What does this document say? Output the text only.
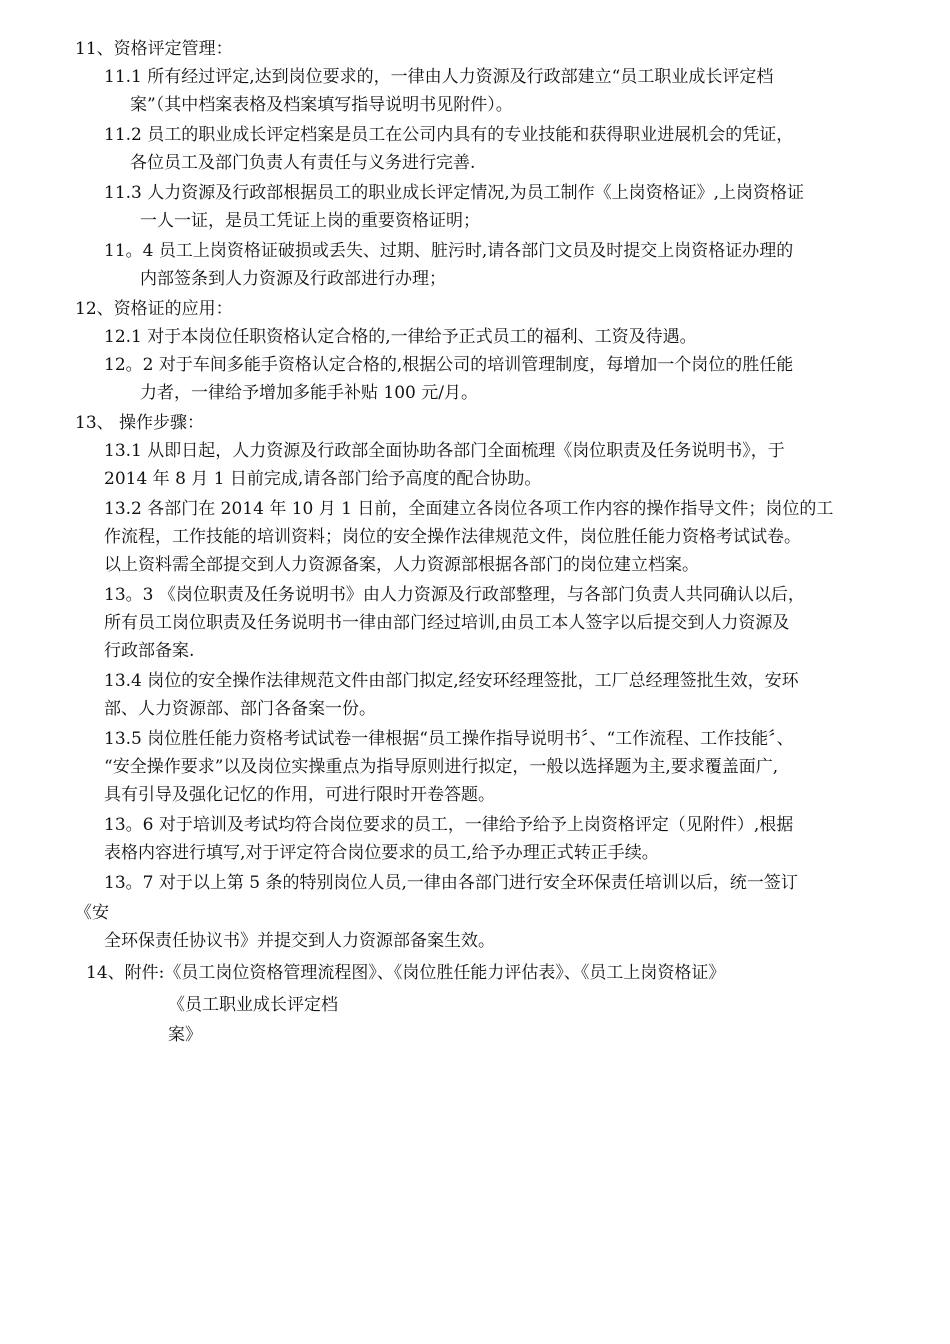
11、资格评定管理：
11.1 所有经过评定,达到岗位要求的，一律由人力资源及行政部建立“员工职业成长评定档
案”（其中档案表格及档案填写指导说明书见附件）。
11.2 员工的职业成长评定档案是员工在公司内具有的专业技能和获得职业进展机会的凭证，
各位员工及部门负责人有责任与义务进行完善.
11.3 人力资源及行政部根据员工的职业成长评定情况,为员工制作《上岗资格证》,上岗资格证
一人一证，是员工凭证上岗的重要资格证明；
11。4 员工上岗资格证破损或丢失、过期、脏污时,请各部门文员及时提交上岗资格证办理的
内部签条到人力资源及行政部进行办理；
12、资格证的应用：
12.1 对于本岗位任职资格认定合格的,一律给予正式员工的福利、工资及待遇。
12。2 对于车间多能手资格认定合格的,根据公司的培训管理制度，每增加一个岗位的胜任能
力者，一律给予增加多能手补贴 100 元/月。
13、 操作步骤：
13.1 从即日起，人力资源及行政部全面协助各部门全面梳理《岗位职责及任务说明书》，于
2014 年 8 月 1 日前完成,请各部门给予高度的配合协助。
13.2 各部门在 2014 年 10 月 1 日前，全面建立各岗位各项工作内容的操作指导文件；岗位的工
作流程，工作技能的培训资料；岗位的安全操作法律规范文件，岗位胜任能力资格考试试卷。
以上资料需全部提交到人力资源备案，人力资源部根据各部门的岗位建立档案。
13。3 《岗位职责及任务说明书》由人力资源及行政部整理，与各部门负责人共同确认以后，
所有员工岗位职责及任务说明书一律由部门经过培训,由员工本人签字以后提交到人力资源及
行政部备案.
13.4 岗位的安全操作法律规范文件由部门拟定,经安环经理签批，工厂总经理签批生效，安环
部、人力资源部、部门各备案一份。
13.5 岗位胜任能力资格考试试卷一律根据“员工操作指导说明书〞、“工作流程、工作技能〞、
“安全操作要求”以及岗位实操重点为指导原则进行拟定，一般以选择题为主,要求覆盖面广,
具有引导及强化记忆的作用，可进行限时开卷答题。
13。6 对于培训及考试均符合岗位要求的员工，一律给予给予上岗资格评定（见附件）,根据
表格内容进行填写,对于评定符合岗位要求的员工,给予办理正式转正手续。
13。7 对于以上第 5 条的特别岗位人员,一律由各部门进行安全环保责任培训以后，统一签订
《安
全环保责任协议书》并提交到人力资源部备案生效。
14、附件:《员工岗位资格管理流程图》、《岗位胜任能力评估表》、《员工上岗资格证》
《员工职业成长评定档
案》
